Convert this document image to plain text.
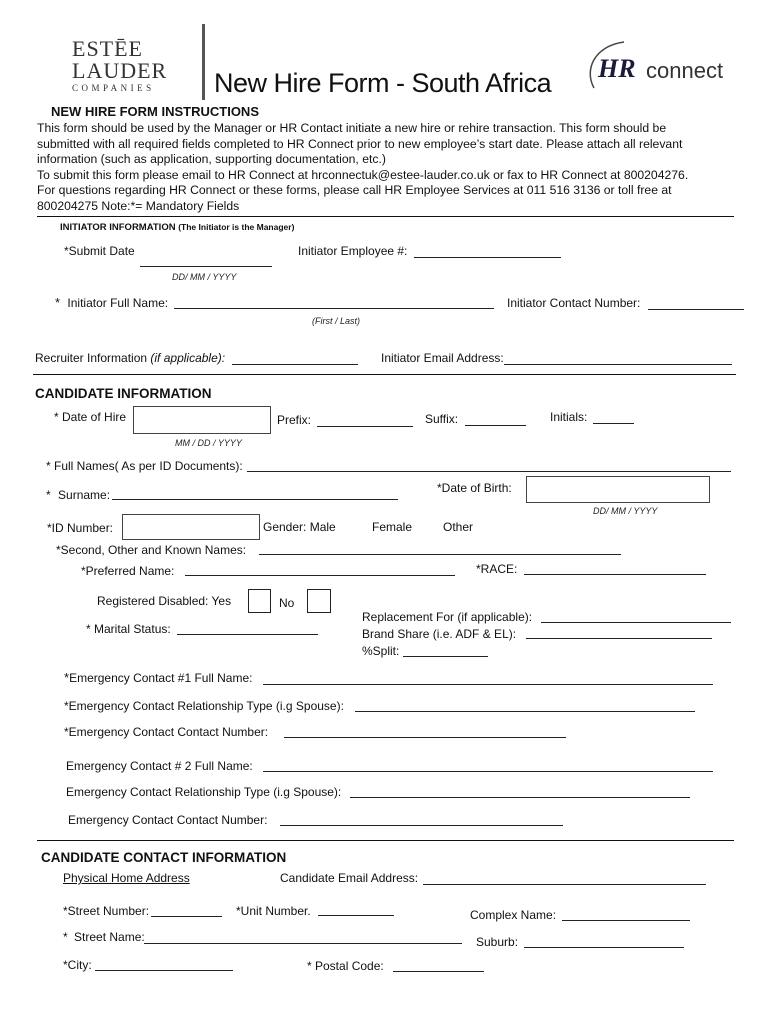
ESTĒE
LAUDER
COMPANIES	New Hire Form - South Africa HR connect
NEW HIRE FORM INSTRUCTIONS
This form should be used by the Manager or HR Contact initiate a new hire or rehire transaction. This form should be
submitted with all required fields completed to HR Connect prior to new employee’s start date. Please attach all relevant
information (such as application, supporting documentation, etc.)
To submit this form please email to HR Connect at hrconnectuk@estee-lauder.co.uk or fax to HR Connect at 800204276.
For questions regarding HR Connect or these forms, please call HR Employee Services at 011 516 3136 or toll free at
800204275 Note:*= Mandatory Fields
INITIATOR INFORMATION (The Initiator is the Manager)
*Submit Date
DD/ MM / YYYY
Initiator Employee #:
* Initiator Full Name:
(First / Last)
Initiator Contact Number:
Recruiter Information (if applicable):	Initiator Email Address:
CANDIDATE INFORMATION
* Date of Hire
MM / DD / YYYY
Prefix:	Suffix:	Initials:
* Full Names( As per ID Documents):
* Surname:	*Date of Birth:
DD/ MM / YYYY
*ID Number:	Gender: Male	Female	Other
*Second, Other and Known Names:
*Preferred Name:	*RACE:
Registered Disabled: Yes	No
* Marital Status:
Replacement For (if applicable):
Brand Share (i.e. ADF & EL):
%Split:
*Emergency Contact #1 Full Name:
*Emergency Contact Relationship Type (i.g Spouse):
*Emergency Contact Contact Number:
Emergency Contact # 2 Full Name:
Emergency Contact Relationship Type (i.g Spouse):
Emergency Contact Contact Number:
CANDIDATE CONTACT INFORMATION
Physical Home Address	Candidate Email Address:
*Street Number:	*Unit Number.	Complex Name:
* Street Name:	Suburb:
*City:	* Postal Code:
